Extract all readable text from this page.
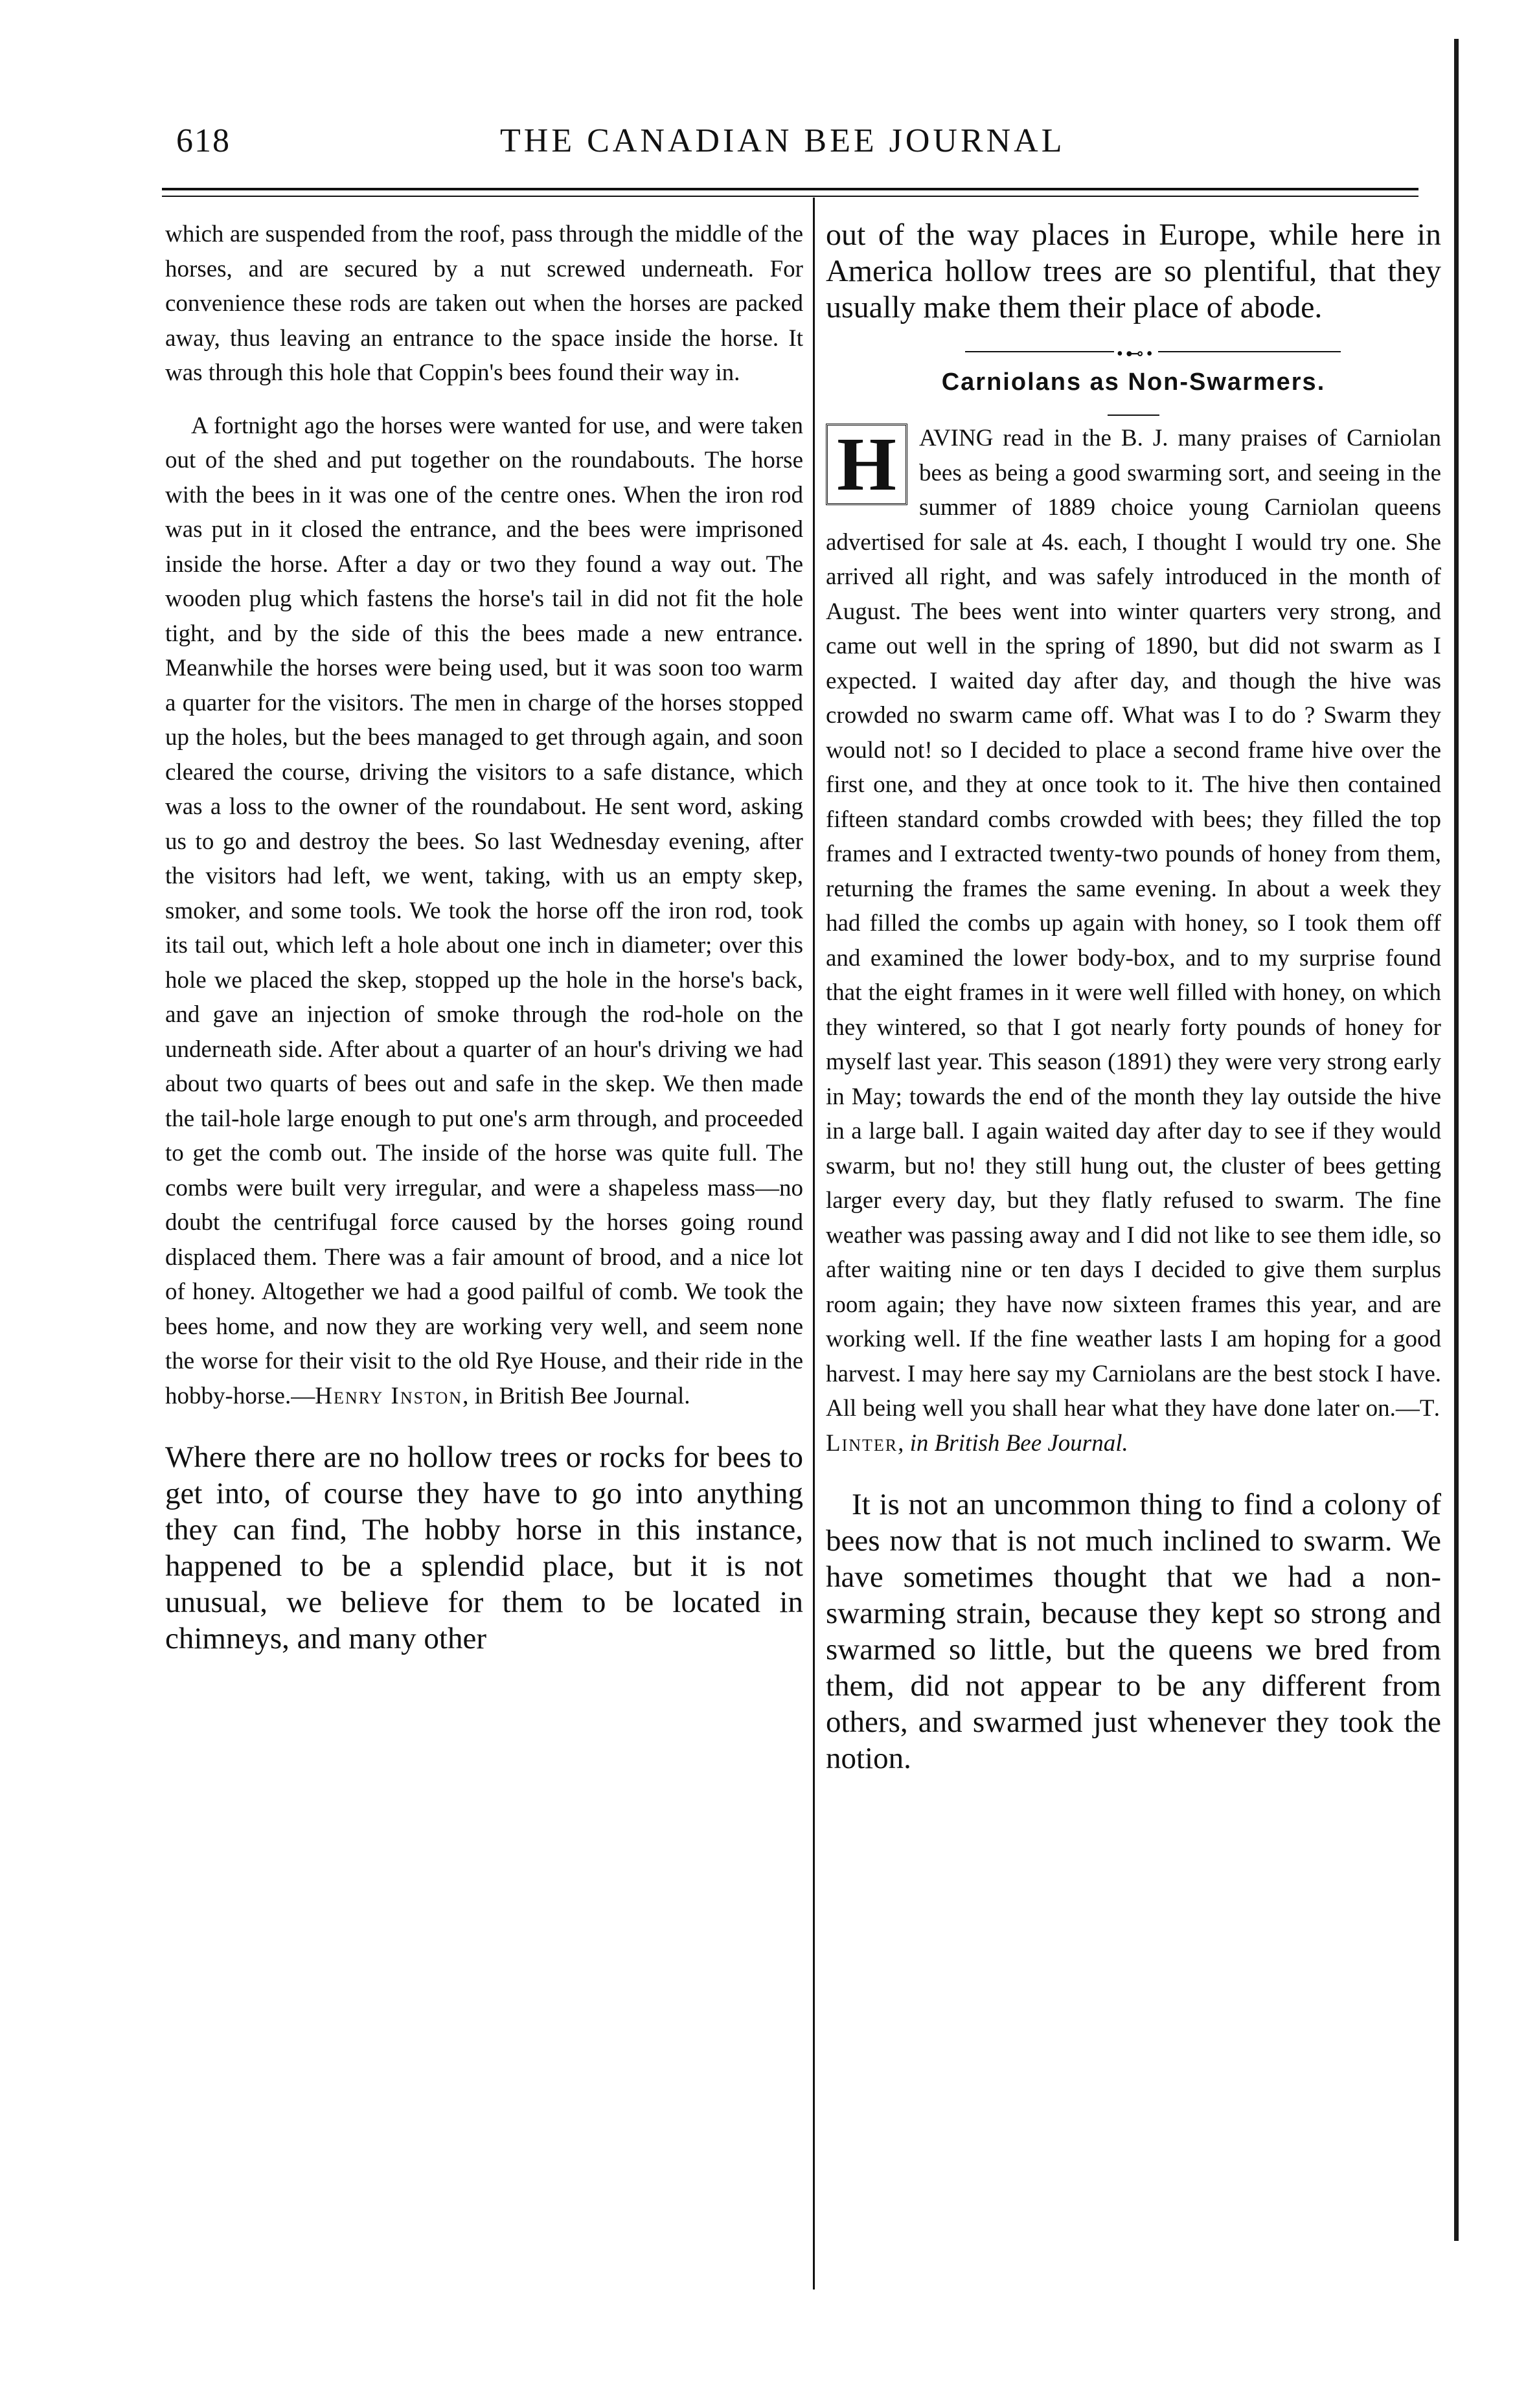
618	THE CANADIAN BEE JOURNAL

which are suspended from the roof, pass through the middle of the horses, and are secured by a nut screwed underneath. For convenience these rods are taken out when the horses are packed away, thus leaving an entrance to the space inside the horse. It was through this hole that Coppin's bees found their way in.

A fortnight ago the horses were wanted for use, and were taken out of the shed and put together on the roundabouts. The horse with the bees in it was one of the centre ones. When the iron rod was put in it closed the entrance, and the bees were imprisoned inside the horse. After a day or two they found a way out. The wooden plug which fastens the horse's tail in did not fit the hole tight, and by the side of this the bees made a new entrance. Meanwhile the horses were being used, but it was soon too warm a quarter for the visitors. The men in charge of the horses stopped up the holes, but the bees managed to get through again, and soon cleared the course, driving the visitors to a safe distance, which was a loss to the owner of the roundabout. He sent word, asking us to go and destroy the bees. So last Wednesday evening, after the visitors had left, we went, taking, with us an empty skep, smoker, and some tools. We took the horse off the iron rod, took its tail out, which left a hole about one inch in diameter; over this hole we placed the skep, stopped up the hole in the horse's back, and gave an injection of smoke through the rod-hole on the underneath side. After about a quarter of an hour's driving we had about two quarts of bees out and safe in the skep. We then made the tail-hole large enough to put one's arm through, and proceeded to get the comb out. The inside of the horse was quite full. The combs were built very irregular, and were a shapeless mass—no doubt the centrifugal force caused by the horses going round displaced them. There was a fair amount of brood, and a nice lot of honey. Altogether we had a good pailful of comb. We took the bees home, and now they are working very well, and seem none the worse for their visit to the old Rye House, and their ride in the hobby-horse.—Henry Inston, in British Bee Journal.

Where there are no hollow trees or rocks for bees to get into, of course they have to go into anything they can find, The hobby horse in this instance, happened to be a splendid place, but it is not unusual, we believe for them to be located in chimneys, and many other

out of the way places in Europe, while here in America hollow trees are so plentiful, that they usually make them their place of abode.

•⊷•
Carniolans as Non-Swarmers.

H AVING read in the B. J. many praises of Carniolan bees as being a good swarming sort, and seeing in the summer of 1889 choice young Carniolan queens advertised for sale at 4s. each, I thought I would try one. She arrived all right, and was safely introduced in the month of August. The bees went into winter quarters very strong, and came out well in the spring of 1890, but did not swarm as I expected. I waited day after day, and though the hive was crowded no swarm came off. What was I to do ? Swarm they would not! so I decided to place a second frame hive over the first one, and they at once took to it. The hive then contained fifteen standard combs crowded with bees; they filled the top frames and I extracted twenty-two pounds of honey from them, returning the frames the same evening. In about a week they had filled the combs up again with honey, so I took them off and examined the lower body-box, and to my surprise found that the eight frames in it were well filled with honey, on which they wintered, so that I got nearly forty pounds of honey for myself last year. This season (1891) they were very strong early in May; towards the end of the month they lay outside the hive in a large ball. I again waited day after day to see if they would swarm, but no! they still hung out, the cluster of bees getting larger every day, but they flatly refused to swarm. The fine weather was passing away and I did not like to see them idle, so after waiting nine or ten days I decided to give them surplus room again; they have now sixteen frames this year, and are working well. If the fine weather lasts I am hoping for a good harvest. I may here say my Carniolans are the best stock I have. All being well you shall hear what they have done later on.—T. Linter, in British Bee Journal.

It is not an uncommon thing to find a colony of bees now that is not much inclined to swarm. We have sometimes thought that we had a non-swarming strain, because they kept so strong and swarmed so little, but the queens we bred from them, did not appear to be any different from others, and swarmed just whenever they took the notion.
